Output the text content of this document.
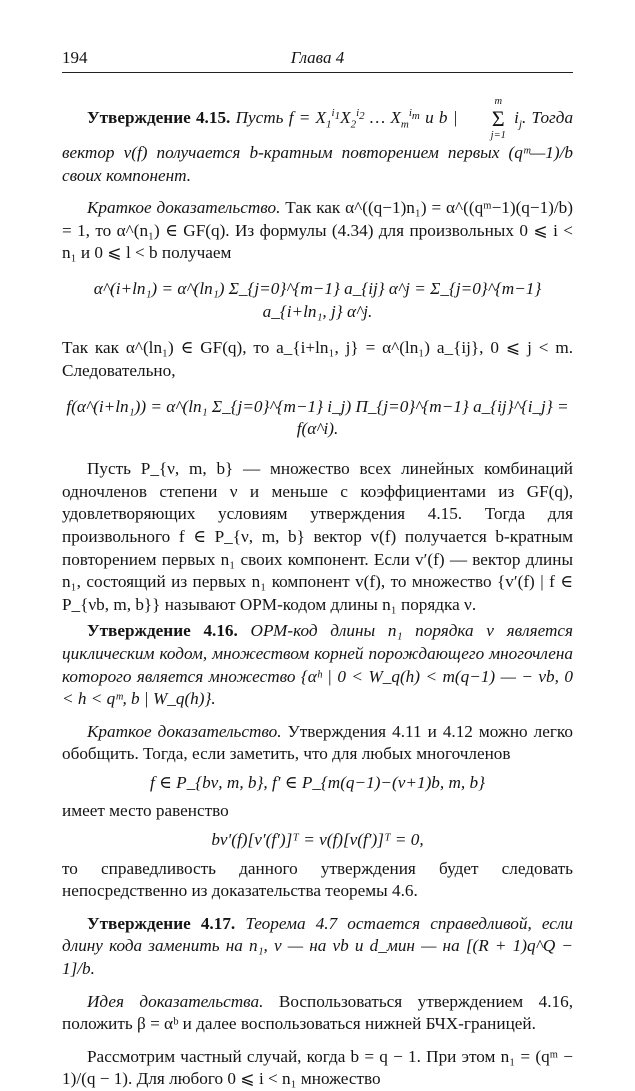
194	Глава 4

Утверждение 4.15. Пусть $f = X_1^{i_1}X_2^{i_2}$ … $X_m^{i_m}$ и b |
m
Σ
j=1
$i_j$. Тогда вектор v(f) получается b-кратным повторением первых (qᵐ—1)/b своих компонент.

Краткое доказательство. Так как α^((q−1)n₁) = α^((qᵐ−1)(q−1)/b) = 1, то α^(n₁) ∈ GF(q). Из формулы (4.34) для произвольных 0 ⩽ i < n₁ и 0 ⩽ l < b получаем

α^(i+ln₁) = α^(ln₁) Σ_{j=0}^{m−1} a_{ij} α^j = Σ_{j=0}^{m−1} a_{i+ln₁, j} α^j.

Так как α^(ln₁) ∈ GF(q), то a_{i+ln₁, j} = α^(ln₁) a_{ij}, 0 ⩽ j < m. Следовательно,

f(α^(i+ln₁)) = α^(ln₁ Σ_{j=0}^{m−1} i_j) Π_{j=0}^{m−1} a_{ij}^{i_j} = f(α^i).

Пусть P_{ν, m, b} — множество всех линейных комбинаций одночленов степени ν и меньше с коэффициентами из GF(q), удовлетворяющих условиям утверждения 4.15. Тогда для произвольного f ∈ P_{ν, m, b} вектор v(f) получается b-кратным повторением первых n₁ своих компонент. Если v′(f) — вектор длины n₁, состоящий из первых n₁ компонент v(f), то множество {v′(f) | f ∈ P_{νb, m, b}} называют ОРМ-кодом длины n₁ порядка ν.

Утверждение 4.16. ОРМ-код длины n₁ порядка ν является циклическим кодом, множеством корней порождающего многочлена которого является множество {αʰ | 0 < W_q(h) < m(q−1) — − νb, 0 < h < qᵐ, b | W_q(h)}.

Краткое доказательство. Утверждения 4.11 и 4.12 можно легко обобщить. Тогда, если заметить, что для любых многочленов

f ∈ P_{bν, m, b}, f′ ∈ P_{m(q−1)−(ν+1)b, m, b}

имеет место равенство

bv′(f)[v′(f′)]ᵀ = v(f)[v(f′)]ᵀ = 0,

то справедливость данного утверждения будет следовать непосредственно из доказательства теоремы 4.6.

Утверждение 4.17. Теорема 4.7 остается справедливой, если длину кода заменить на n₁, ν — на νb и d_мин — на [(R + 1)q^Q − 1]/b.

Идея доказательства. Воспользоваться утверждением 4.16, положить β = αᵇ и далее воспользоваться нижней БЧХ-границей.

Рассмотрим частный случай, когда b = q − 1. При этом n₁ = (qᵐ − 1)/(q − 1). Для любого 0 ⩽ i < n₁ множество
